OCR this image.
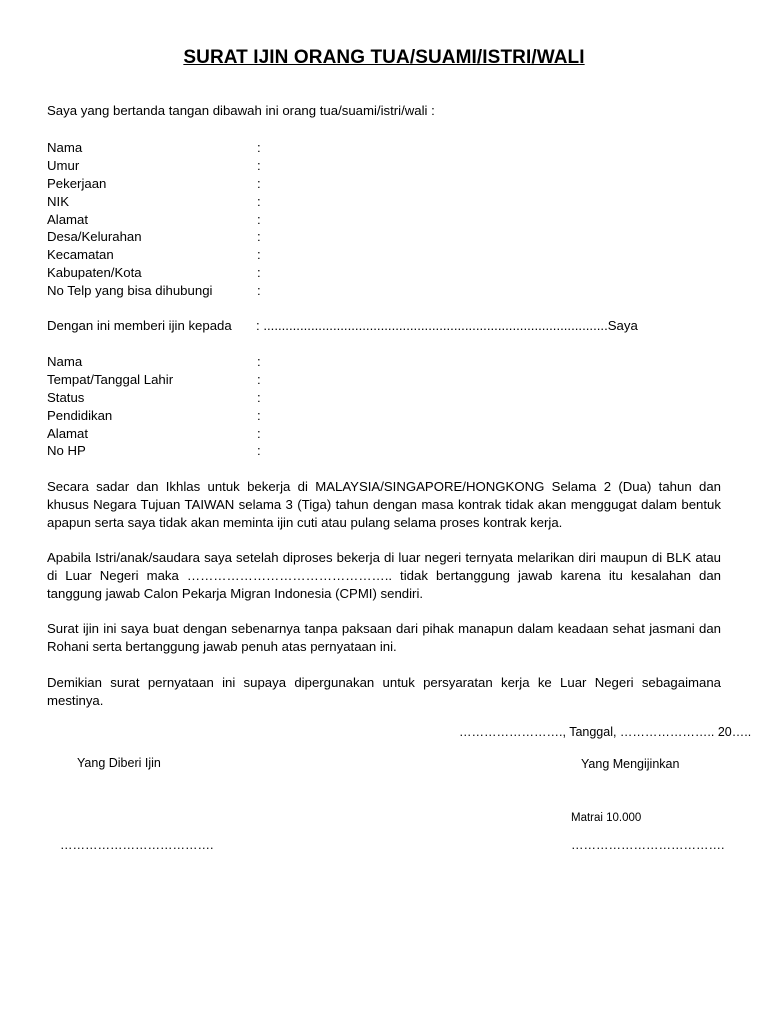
SURAT IJIN ORANG TUA/SUAMI/ISTRI/WALI
Saya yang bertanda tangan dibawah ini orang tua/suami/istri/wali :
Nama	:
Umur	:
Pekerjaan	:
NIK	:
Alamat	:
Desa/Kelurahan	:
Kecamatan	:
Kabupaten/Kota	:
No Telp yang bisa dihubungi	:
Dengan ini memberi ijin kepada : ..............................................................................................Saya
Nama	:
Tempat/Tanggal Lahir	:
Status	:
Pendidikan	:
Alamat	:
No HP	:

Secara sadar dan Ikhlas untuk bekerja di MALAYSIA/SINGAPORE/HONGKONG Selama 2 (Dua) tahun dan khusus Negara Tujuan TAIWAN selama 3 (Tiga) tahun dengan masa kontrak tidak akan menggugat dalam bentuk apapun serta saya tidak akan meminta ijin cuti atau pulang selama proses kontrak kerja.

Apabila Istri/anak/saudara saya setelah diproses bekerja di luar negeri ternyata melarikan diri maupun di BLK atau di Luar Negeri maka ……………………………………….. tidak bertanggung jawab karena itu kesalahan dan tanggung jawab Calon Pekarja Migran Indonesia (CPMI) sendiri.

Surat ijin ini saya buat dengan sebenarnya tanpa paksaan dari pihak manapun dalam keadaan sehat jasmani dan Rohani serta bertanggung jawab penuh atas pernyataan ini.

Demikian surat pernyataan ini supaya dipergunakan untuk persyaratan kerja ke Luar Negeri sebagaimana mestinya.

……………………., Tanggal, ………………….. 20…..
Yang Diberi Ijin	Yang Mengijinkan
Matrai 10.000
……………………………….	……………………………….
